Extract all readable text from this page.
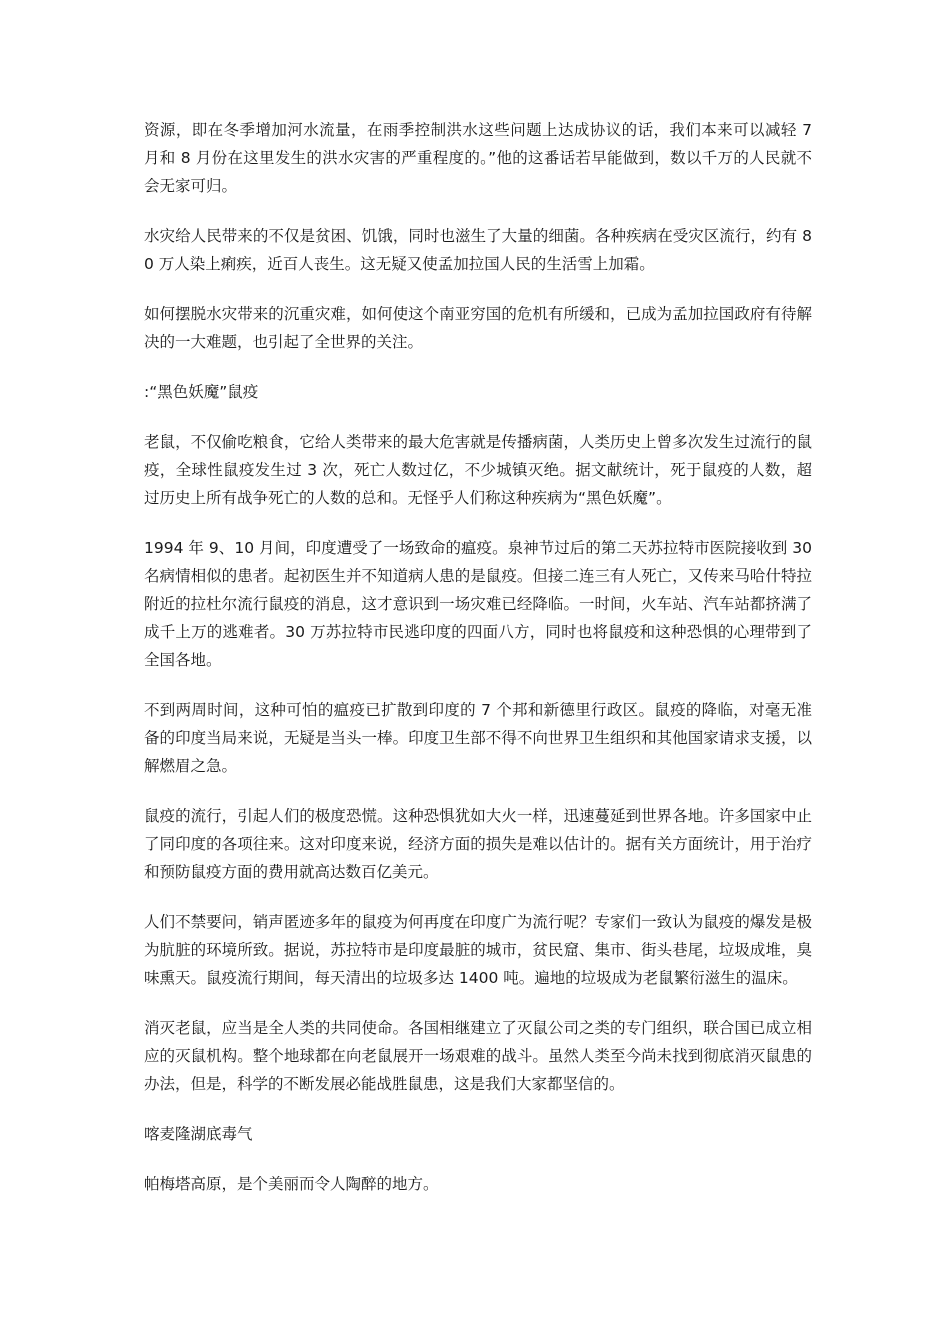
资源，即在冬季增加河水流量，在雨季控制洪水这些问题上达成协议的话，我们本来可以减轻 7 月和 8 月份在这里发生的洪水灾害的严重程度的。”他的这番话若早能做到，数以千万的人民就不会无家可归。

水灾给人民带来的不仅是贫困、饥饿，同时也滋生了大量的细菌。各种疾病在受灾区流行，约有 80 万人染上痢疾，近百人丧生。这无疑又使孟加拉国人民的生活雪上加霜。

如何摆脱水灾带来的沉重灾难，如何使这个南亚穷国的危机有所缓和，已成为孟加拉国政府有待解决的一大难题，也引起了全世界的关注。

:“黑色妖魔”鼠疫

老鼠，不仅偷吃粮食，它给人类带来的最大危害就是传播病菌，人类历史上曾多次发生过流行的鼠疫，全球性鼠疫发生过 3 次，死亡人数过亿，不少城镇灭绝。据文献统计，死于鼠疫的人数，超过历史上所有战争死亡的人数的总和。无怪乎人们称这种疾病为“黑色妖魔”。

1994 年 9、10 月间，印度遭受了一场致命的瘟疫。泉神节过后的第二天苏拉特市医院接收到 30 名病情相似的患者。起初医生并不知道病人患的是鼠疫。但接二连三有人死亡，又传来马哈什特拉附近的拉杜尔流行鼠疫的消息，这才意识到一场灾难已经降临。一时间，火车站、汽车站都挤满了成千上万的逃难者。30 万苏拉特市民逃印度的四面八方，同时也将鼠疫和这种恐惧的心理带到了全国各地。

不到两周时间，这种可怕的瘟疫已扩散到印度的 7 个邦和新德里行政区。鼠疫的降临，对毫无准备的印度当局来说，无疑是当头一棒。印度卫生部不得不向世界卫生组织和其他国家请求支援，以解燃眉之急。

鼠疫的流行，引起人们的极度恐慌。这种恐惧犹如大火一样，迅速蔓延到世界各地。许多国家中止了同印度的各项往来。这对印度来说，经济方面的损失是难以估计的。据有关方面统计，用于治疗和预防鼠疫方面的费用就高达数百亿美元。

人们不禁要问，销声匿迹多年的鼠疫为何再度在印度广为流行呢？专家们一致认为鼠疫的爆发是极为肮脏的环境所致。据说，苏拉特市是印度最脏的城市，贫民窟、集市、街头巷尾，垃圾成堆，臭味熏天。鼠疫流行期间，每天清出的垃圾多达 1400 吨。遍地的垃圾成为老鼠繁衍滋生的温床。

消灭老鼠，应当是全人类的共同使命。各国相继建立了灭鼠公司之类的专门组织，联合国已成立相应的灭鼠机构。整个地球都在向老鼠展开一场艰难的战斗。虽然人类至今尚未找到彻底消灭鼠患的办法，但是，科学的不断发展必能战胜鼠患，这是我们大家都坚信的。

喀麦隆湖底毒气

帕梅塔高原，是个美丽而令人陶醉的地方。
